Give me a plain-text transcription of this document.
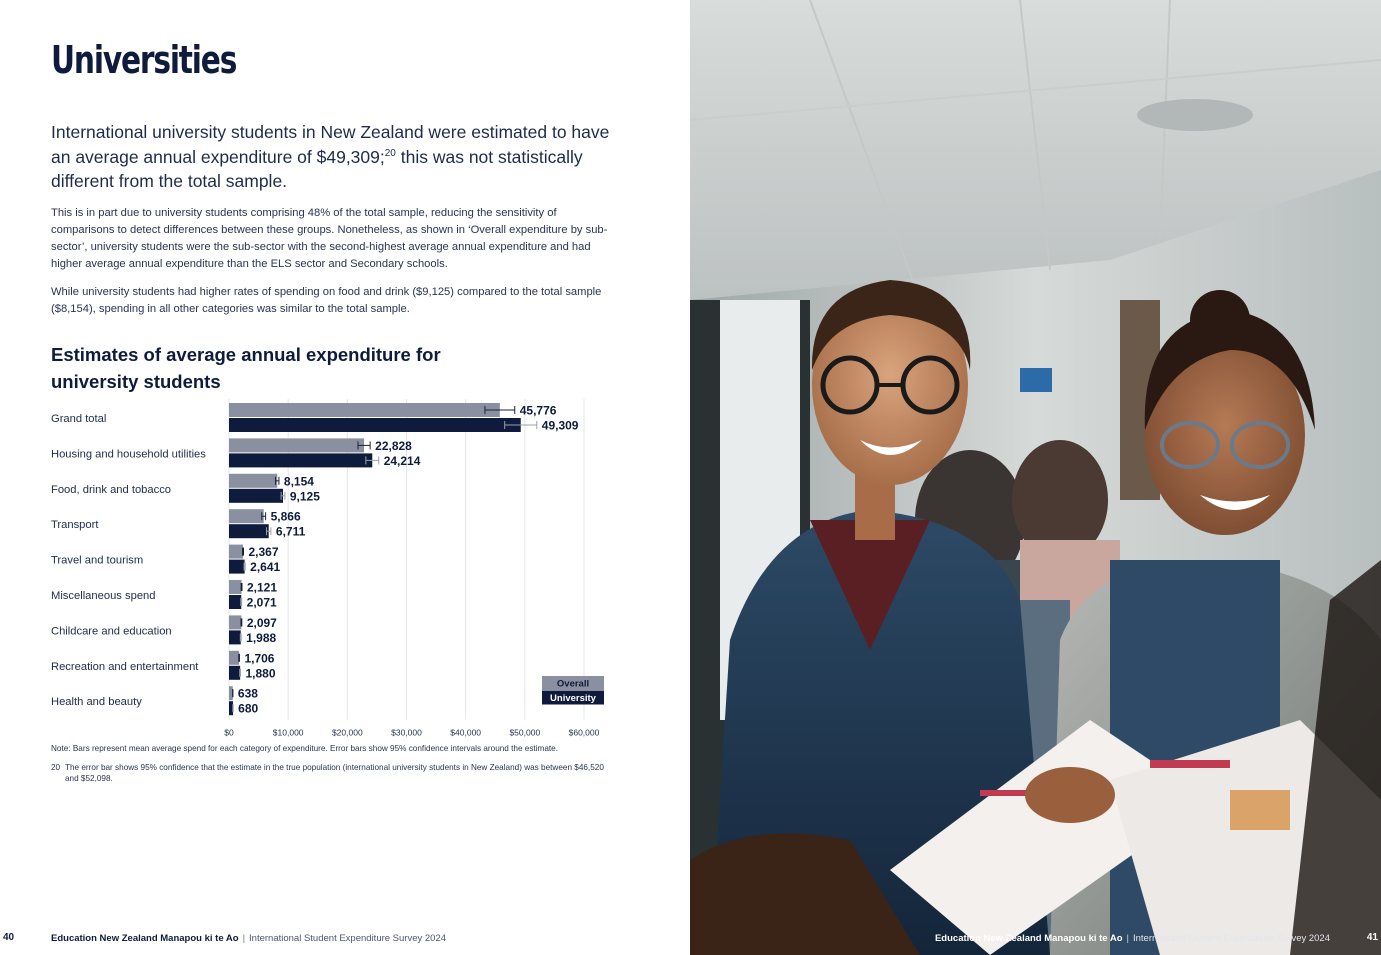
Universities

International university students in New Zealand were estimated to have an average annual expenditure of $49,309;$^{20}$ this was not statistically different from the total sample.

This is in part due to university students comprising 48% of the total sample, reducing the sensitivity of comparisons to detect differences between these groups. Nonetheless, as shown in ‘Overall expenditure by sub-sector’, university students were the sub-sector with the second-highest average annual expenditure and had higher average annual expenditure than the ELS sector and Secondary schools.

While university students had higher rates of spending on food and drink ($9,125) compared to the total sample ($8,154), spending in all other categories was similar to the total sample.

Estimates of average annual expenditure for university students
Grand total
Housing and household utilities
Food, drink and tobacco
Transport
Travel and tourism
Miscellaneous spend
Childcare and education
Recreation and entertainment
Health and beauty
45,776
49,309
22,828
24,214
8,154
9,125
5,866
6,711
2,367
2,641
2,121
2,071
2,097
1,988
1,706
1,880
638
680
$0	$10,000	$20,000	$30,000	$40,000	$50,000	$60,000
Overall
University

Note: Bars represent mean average spend for each category of expenditure. Error bars show 95% confidence intervals around the estimate.

20 The error bar shows 95% confidence that the estimate in the true population (international university students in New Zealand) was between $46,520 and $52,098.
40	Education New Zealand Manapou ki te Ao | International Student Expenditure Survey 2024	Education New Zealand Manapou ki te Ao | International Student Expenditure Survey 2024	41
